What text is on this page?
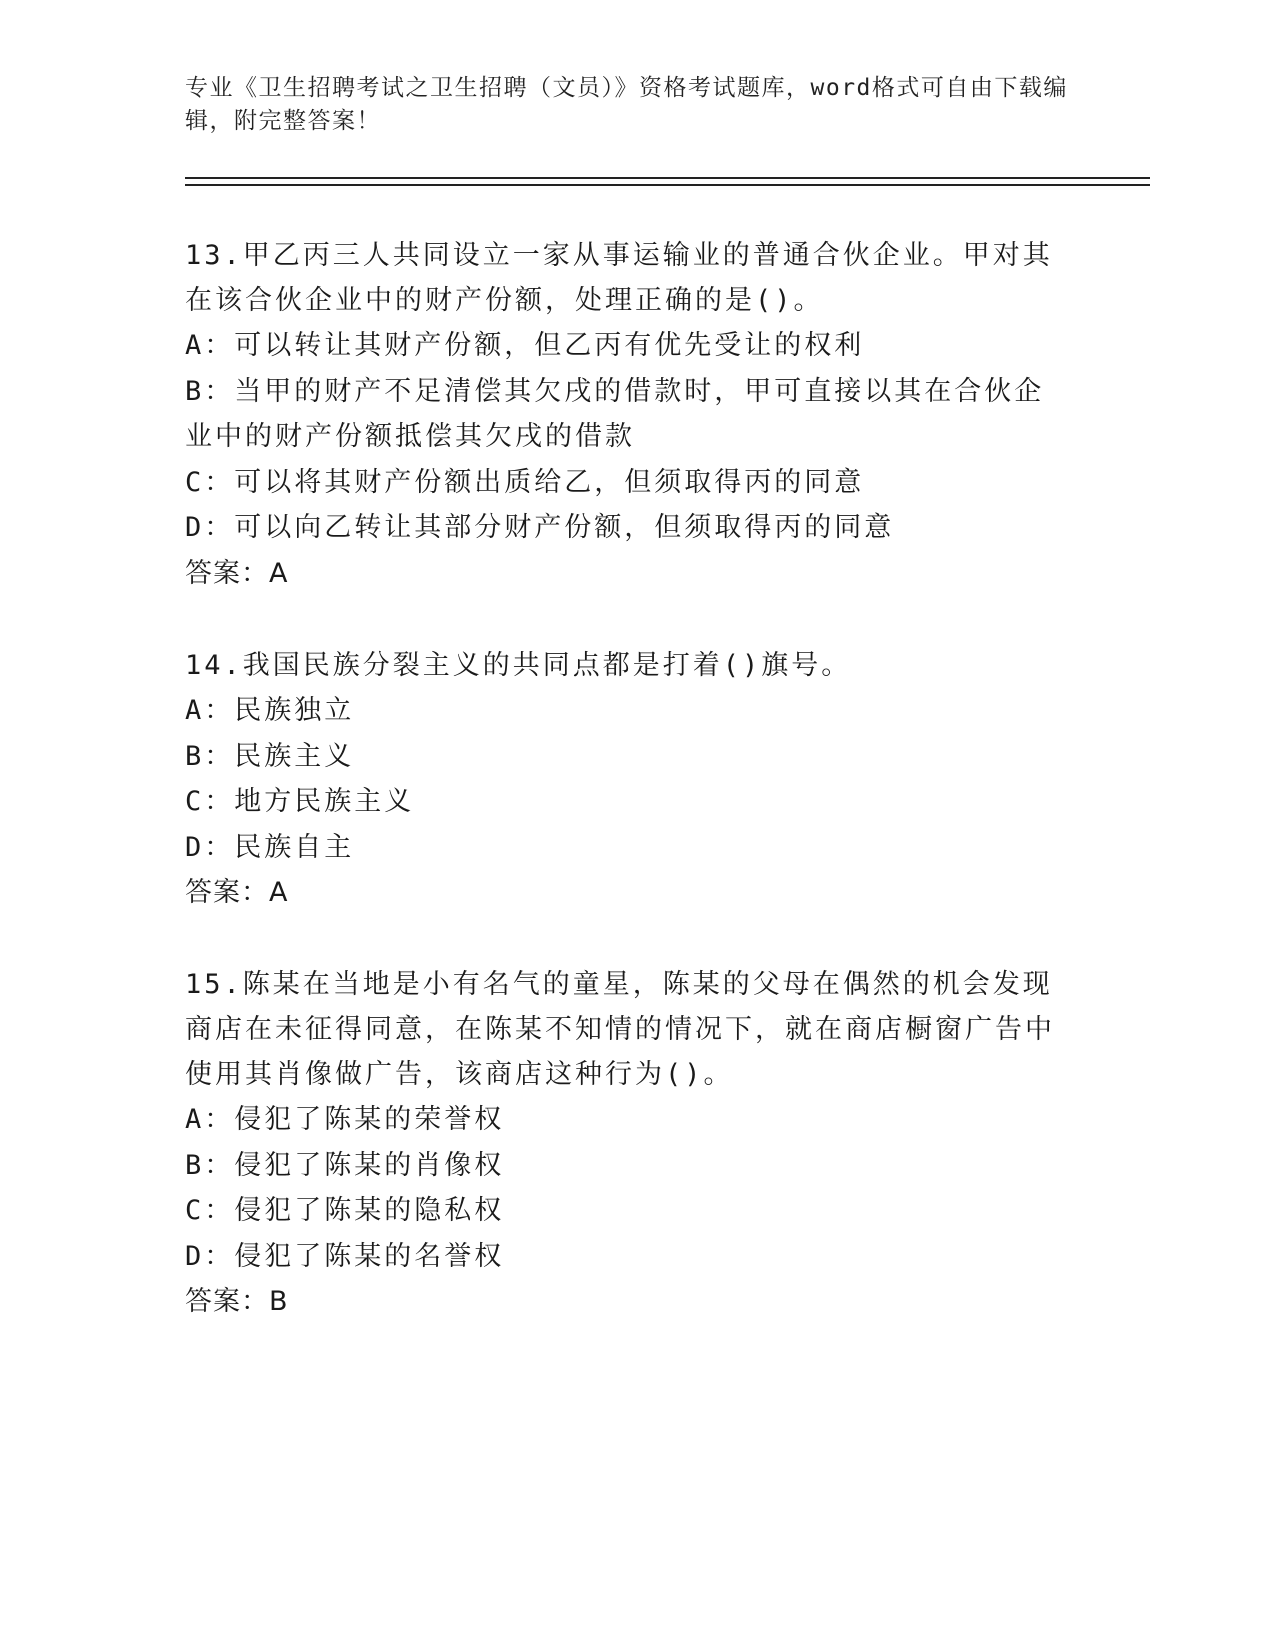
专业《卫生招聘考试之卫生招聘（文员）》资格考试题库，word格式可自由下载编辑，附完整答案！

13.甲乙丙三人共同设立一家从事运输业的普通合伙企业。甲对其在该合伙企业中的财产份额，处理正确的是()。

A：可以转让其财产份额，但乙丙有优先受让的权利

B：当甲的财产不足清偿其欠戌的借款时，甲可直接以其在合伙企业中的财产份额抵偿其欠戌的借款

C：可以将其财产份额出质给乙，但须取得丙的同意

D：可以向乙转让其部分财产份额，但须取得丙的同意

答案：A

14.我国民族分裂主义的共同点都是打着()旗号。

A：民族独立

B：民族主义

C：地方民族主义

D：民族自主

答案：A

15.陈某在当地是小有名气的童星，陈某的父母在偶然的机会发现商店在未征得同意，在陈某不知情的情况下，就在商店橱窗广告中使用其肖像做广告，该商店这种行为()。

A：侵犯了陈某的荣誉权

B：侵犯了陈某的肖像权

C：侵犯了陈某的隐私权

D：侵犯了陈某的名誉权

答案：B
